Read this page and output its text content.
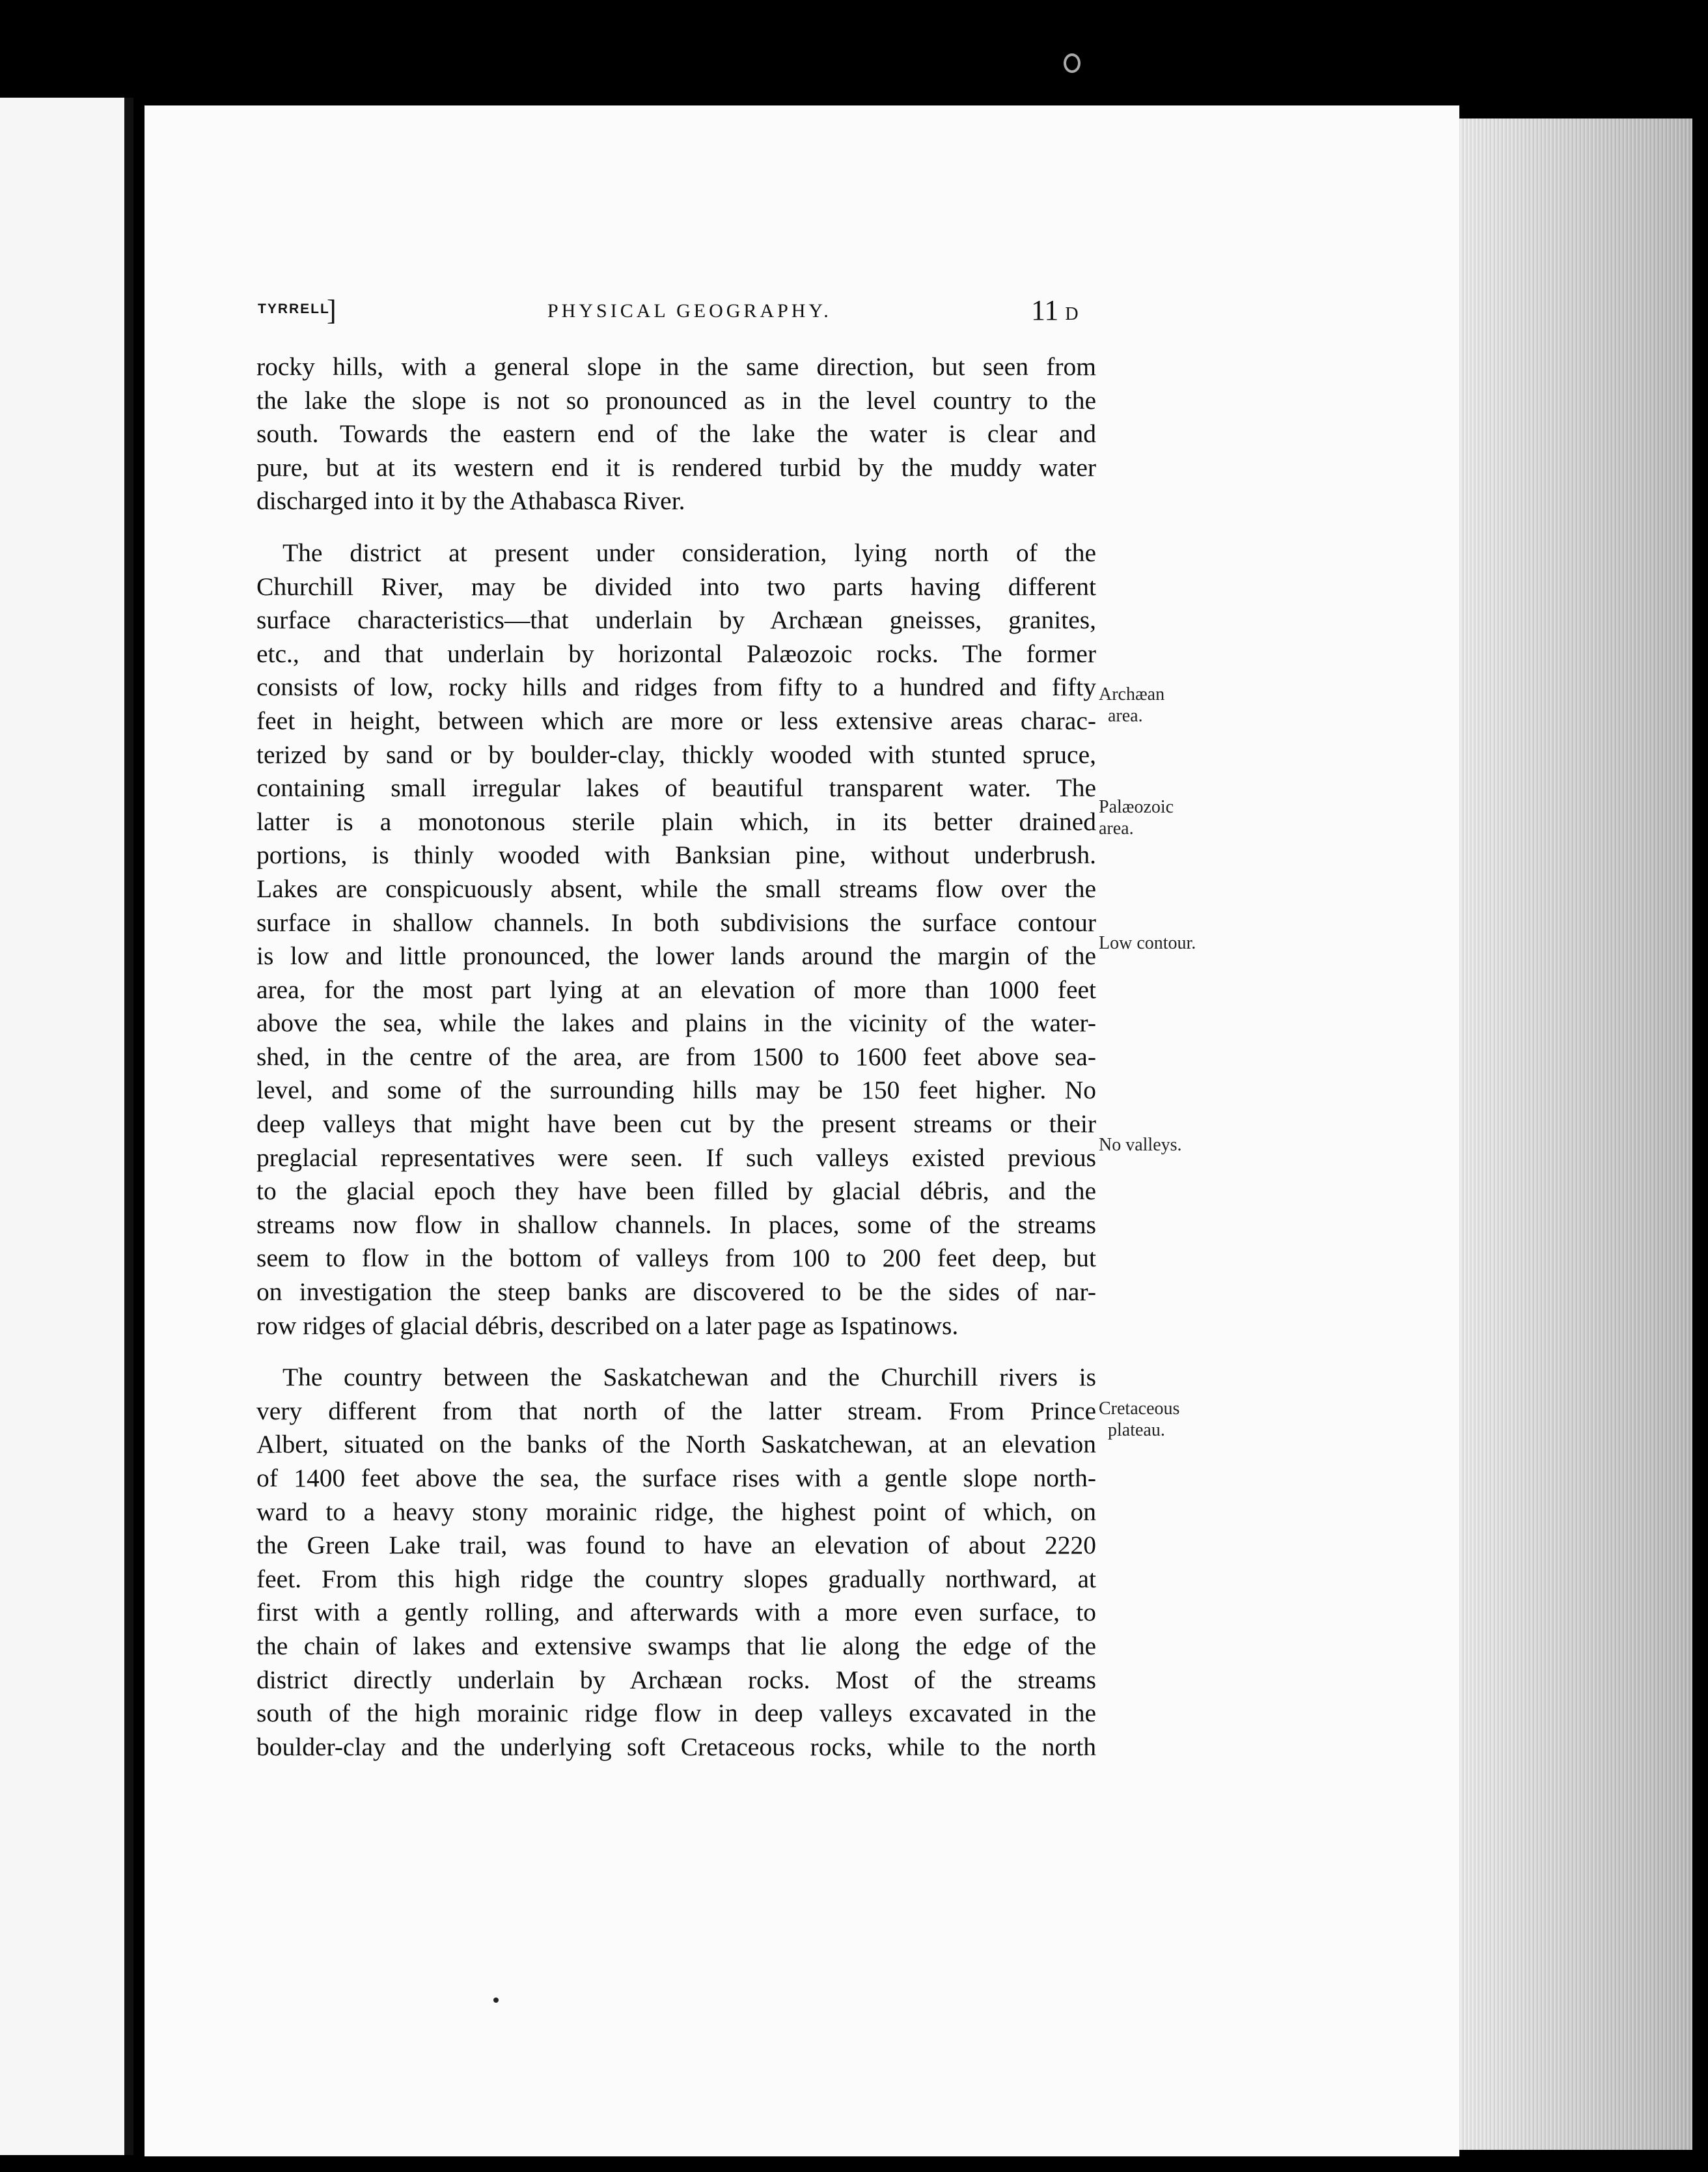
TYRRELL
]	PHYSICAL GEOGRAPHY.	11 D
rocky hills, with a general slope in the same direction, but seen from
the lake the slope is not so pronounced as in the level country to the
south. Towards the eastern end of the lake the water is clear and
pure, but at its western end it is rendered turbid by the muddy water
discharged into it by the Athabasca River.
The district at present under consideration, lying north of the
Churchill River, may be divided into two parts having different
surface characteristics—that underlain by Archæan gneisses, granites,
etc., and that underlain by horizontal Palæozoic rocks. The former
consists of low, rocky hills and ridges from fifty to a hundred and fifty
feet in height, between which are more or less extensive areas charac-
terized by sand or by boulder-clay, thickly wooded with stunted spruce,
containing small irregular lakes of beautiful transparent water. The
latter is a monotonous sterile plain which, in its better drained
portions, is thinly wooded with Banksian pine, without underbrush.
Lakes are conspicuously absent, while the small streams flow over the
surface in shallow channels. In both subdivisions the surface contour
is low and little pronounced, the lower lands around the margin of the
area, for the most part lying at an elevation of more than 1000 feet
above the sea, while the lakes and plains in the vicinity of the water-
shed, in the centre of the area, are from 1500 to 1600 feet above sea-
level, and some of the surrounding hills may be 150 feet higher. No
deep valleys that might have been cut by the present streams or their
preglacial representatives were seen. If such valleys existed previous
to the glacial epoch they have been filled by glacial débris, and the
streams now flow in shallow channels. In places, some of the streams
seem to flow in the bottom of valleys from 100 to 200 feet deep, but
on investigation the steep banks are discovered to be the sides of nar-
row ridges of glacial débris, described on a later page as Ispatinows.
The country between the Saskatchewan and the Churchill rivers is
very different from that north of the latter stream. From Prince
Albert, situated on the banks of the North Saskatchewan, at an elevation
of 1400 feet above the sea, the surface rises with a gentle slope north-
ward to a heavy stony morainic ridge, the highest point of which, on
the Green Lake trail, was found to have an elevation of about 2220
feet. From this high ridge the country slopes gradually northward, at
first with a gently rolling, and afterwards with a more even surface, to
the chain of lakes and extensive swamps that lie along the edge of the
district directly underlain by Archæan rocks. Most of the streams
south of the high morainic ridge flow in deep valleys excavated in the
boulder-clay and the underlying soft Cretaceous rocks, while to the north
Archæan
area.
Palæozoic
area.
Low contour.
No valleys.
Cretaceous
plateau.
